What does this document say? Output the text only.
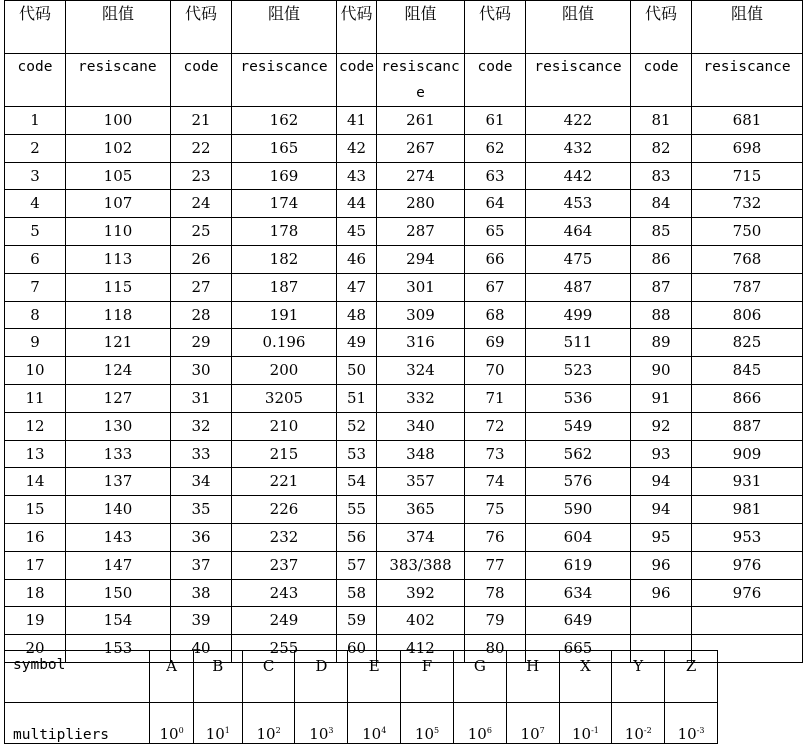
代码	阻值	代码	阻值	代码	阻值	代码	阻值	代码	阻值
code	resiscane	code	resiscance	code	resiscance	code	resiscance	code	resiscance
1	100	21	162	41	261	61	422	81	681
2	102	22	165	42	267	62	432	82	698
3	105	23	169	43	274	63	442	83	715
4	107	24	174	44	280	64	453	84	732
5	110	25	178	45	287	65	464	85	750
6	113	26	182	46	294	66	475	86	768
7	115	27	187	47	301	67	487	87	787
8	118	28	191	48	309	68	499	88	806
9	121	29	0.196	49	316	69	511	89	825
10	124	30	200	50	324	70	523	90	845
11	127	31	3205	51	332	71	536	91	866
12	130	32	210	52	340	72	549	92	887
13	133	33	215	53	348	73	562	93	909
14	137	34	221	54	357	74	576	94	931
15	140	35	226	55	365	75	590	94	981
16	143	36	232	56	374	76	604	95	953
17	147	37	237	57	383/388	77	619	96	976
18	150	38	243	58	392	78	634	96	976
19	154	39	249	59	402	79	649		
20	153	40	255	60	412	80	665		
symbol	A	B	C	D	E	F	G	H	X	Y	Z
multipliers	$10^0$	$10^1$	$10^2$	$10^3$	$10^4$	$10^5$	$10^6$	$10^7$	$10^{-1}$	$10^{-2}$	$10^{-3}$
